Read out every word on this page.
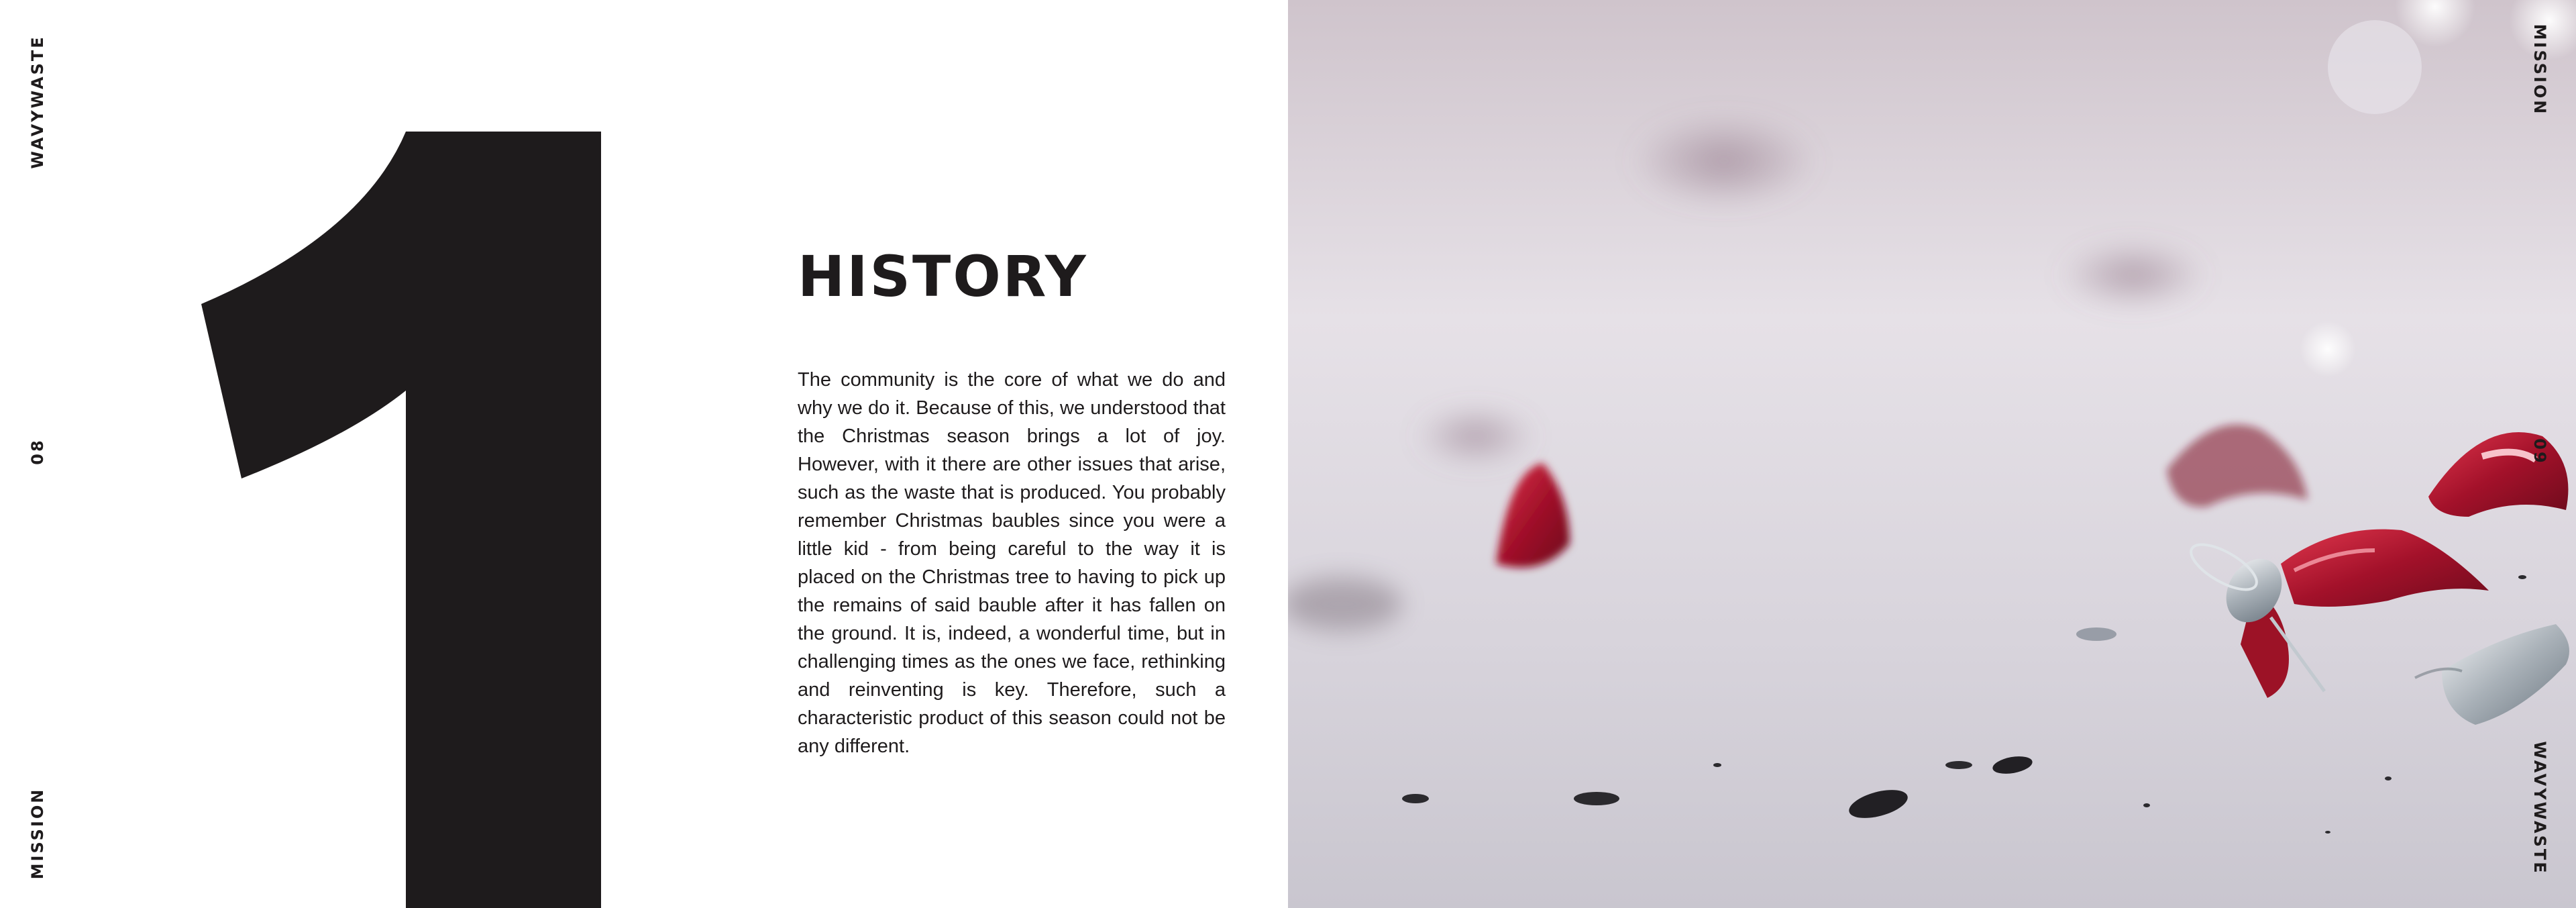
HISTORY

The community is the core of what we do and why we do it. Because of this, we understood that the Christmas season brings a lot of joy. However, with it there are other issues that arise, such as the waste that is produced. You probably remember Christmas baubles since you were a little kid - from being careful to the way it is placed on the Christmas tree to having to pick up the remains of said bauble after it has fallen on the ground. It is, indeed, a wonderful time, but in challenging times as the ones we face, rethinking and reinventing is key. Therefore, such a characteristic product of this season could not be any different.

WAVYWASTE
08
MISSION	WAVYWASTE
09
MISSION
